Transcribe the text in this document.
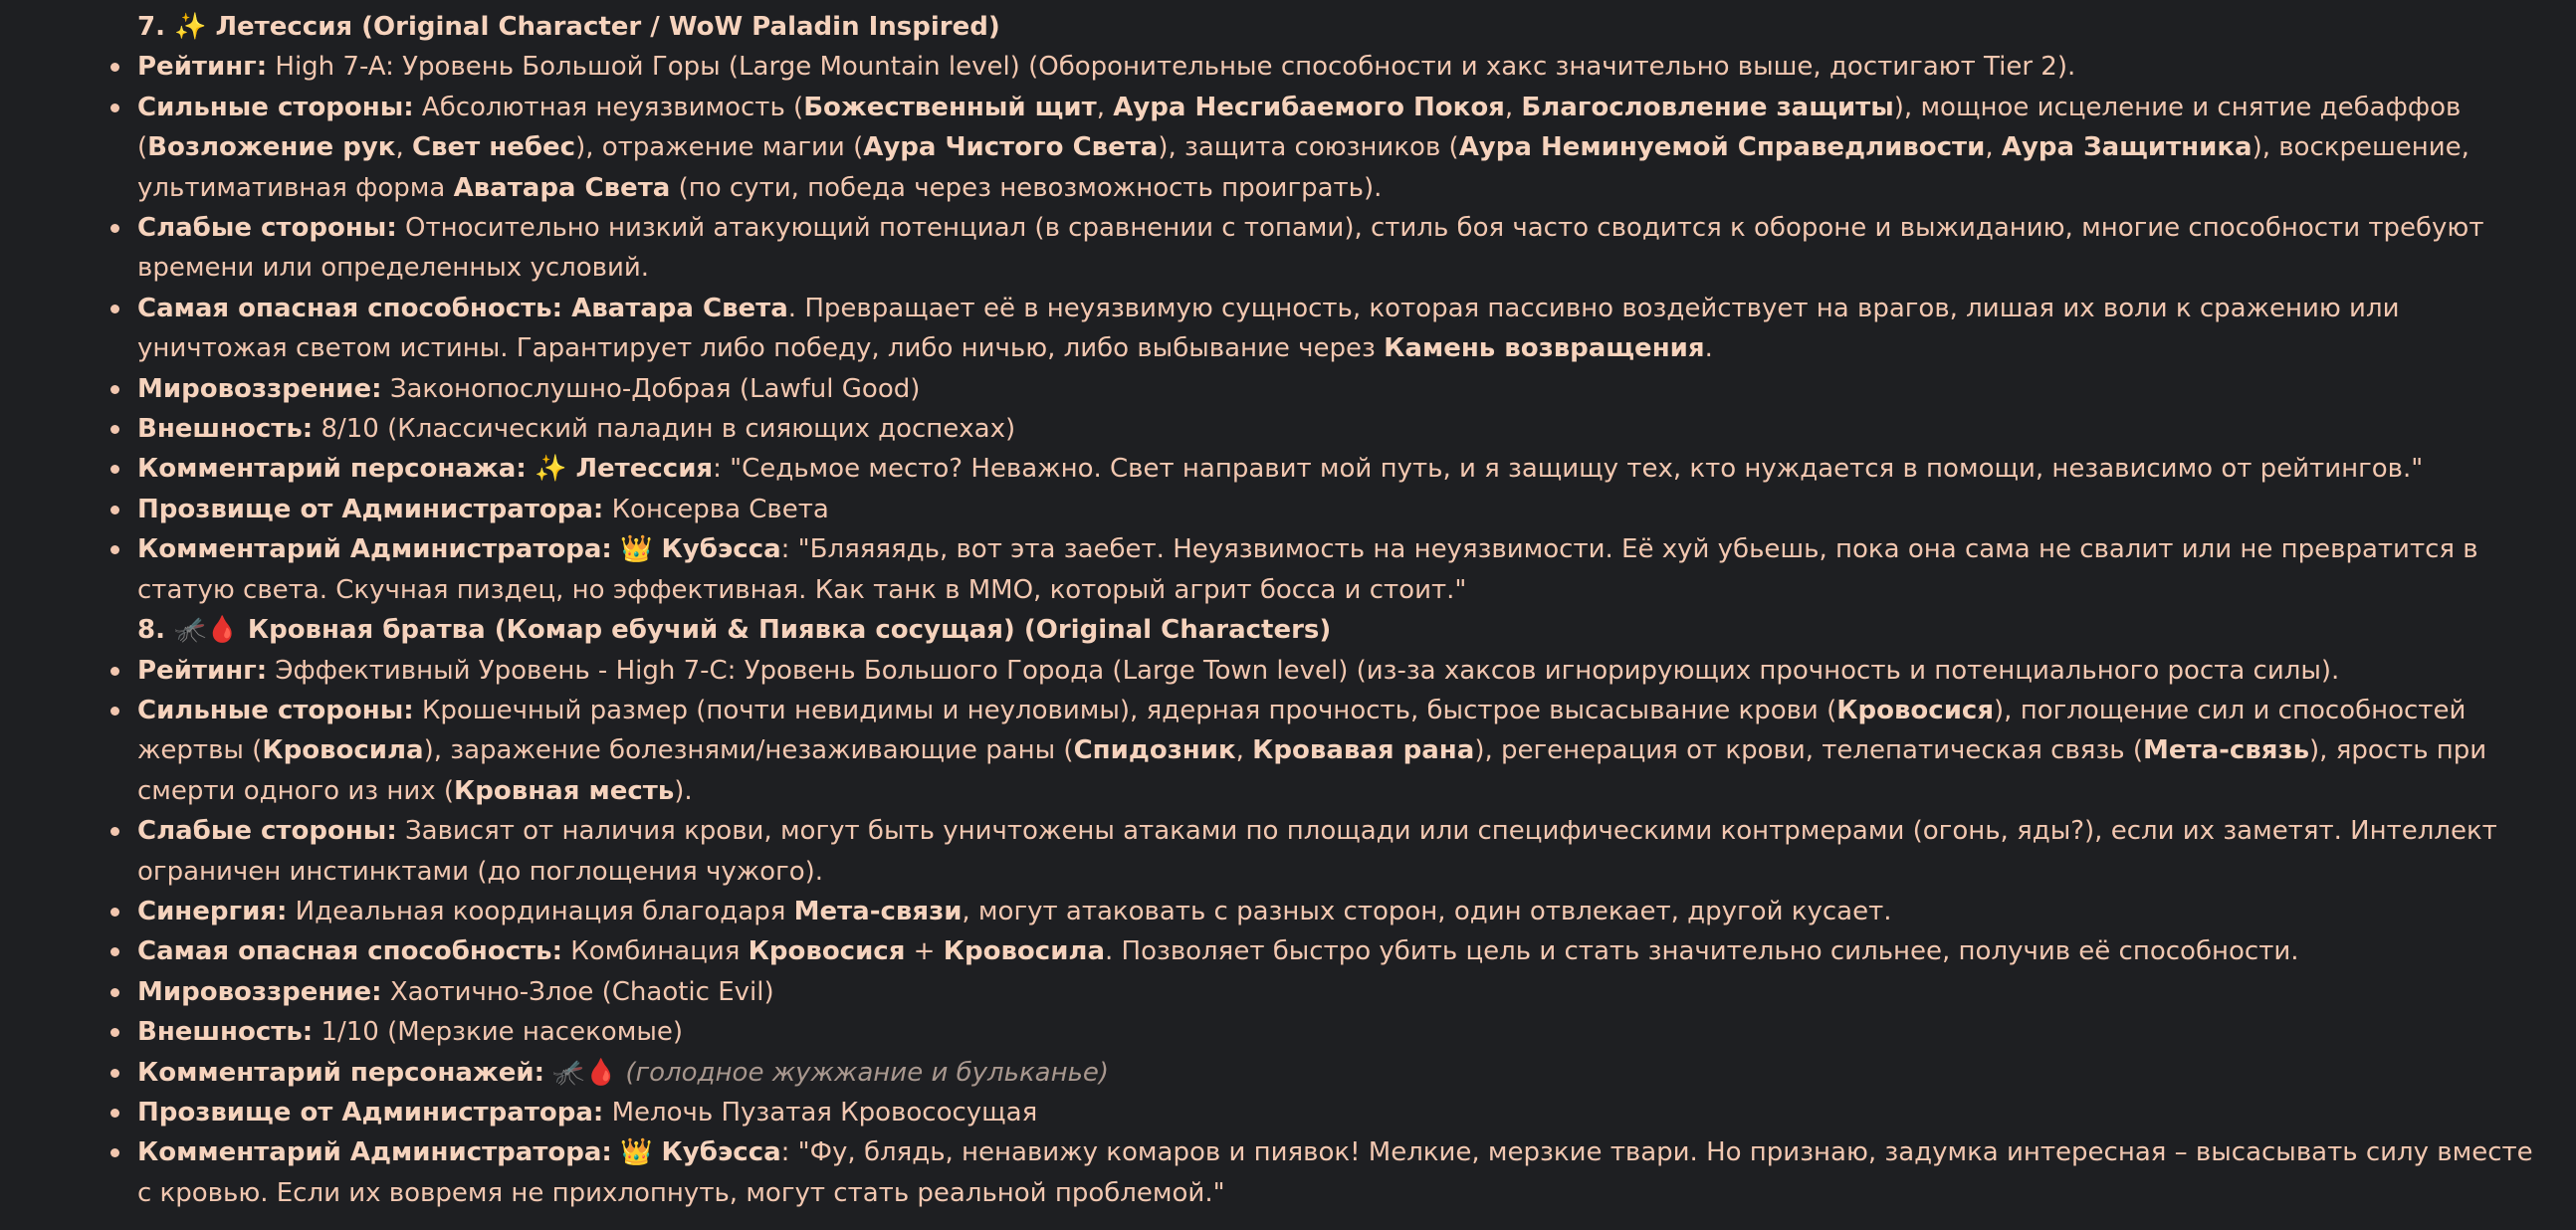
7. ✨ Летессия (Original Character / WoW Paladin Inspired)
Рейтинг: High 7-A: Уровень Большой Горы (Large Mountain level) (Оборонительные способности и хакс значительно выше, достигают Tier 2).
Сильные стороны: Абсолютная неуязвимость (Божественный щит, Аура Несгибаемого Покоя, Благословление защиты), мощное исцеление и снятие дебаффов (Возложение рук, Свет небес), отражение магии (Аура Чистого Света), защита союзников (Аура Неминуемой Справедливости, Аура Защитника), воскрешение, ультимативная форма Аватара Света (по сути, победа через невозможность проиграть).
Слабые стороны: Относительно низкий атакующий потенциал (в сравнении с топами), стиль боя часто сводится к обороне и выжиданию, многие способности требуют времени или определенных условий.
Самая опасная способность: Аватара Света. Превращает её в неуязвимую сущность, которая пассивно воздействует на врагов, лишая их воли к сражению или уничтожая светом истины. Гарантирует либо победу, либо ничью, либо выбывание через Камень возвращения.
Мировоззрение: Законопослушно-Добрая (Lawful Good)
Внешность: 8/10 (Классический паладин в сияющих доспехах)
Комментарий персонажа: ✨ Летессия: "Седьмое место? Неважно. Свет направит мой путь, и я защищу тех, кто нуждается в помощи, независимо от рейтингов."
Прозвище от Администратора: Консерва Света
Комментарий Администратора: 👑 Кубэсса: "Бляяяядь, вот эта заебет. Неуязвимость на неуязвимости. Её хуй убьешь, пока она сама не свалит или не превратится в статую света. Скучная пиздец, но эффективная. Как танк в ММО, который агрит босса и стоит."
8. 🦟🩸 Кровная братва (Комар ебучий & Пиявка сосущая) (Original Characters)
Рейтинг: Эффективный Уровень - High 7-C: Уровень Большого Города (Large Town level) (из-за хаксов игнорирующих прочность и потенциального роста силы).
Сильные стороны: Крошечный размер (почти невидимы и неуловимы), ядерная прочность, быстрое высасывание крови (Кровосися), поглощение сил и способностей жертвы (Кровосила), заражение болезнями/незаживающие раны (Спидозник, Кровавая рана), регенерация от крови, телепатическая связь (Мета-связь), ярость при смерти одного из них (Кровная месть).
Слабые стороны: Зависят от наличия крови, могут быть уничтожены атаками по площади или специфическими контрмерами (огонь, яды?), если их заметят. Интеллект ограничен инстинктами (до поглощения чужого).
Синергия: Идеальная координация благодаря Мета-связи, могут атаковать с разных сторон, один отвлекает, другой кусает.
Самая опасная способность: Комбинация Кровосися + Кровосила. Позволяет быстро убить цель и стать значительно сильнее, получив её способности.
Мировоззрение: Хаотично-Злое (Chaotic Evil)
Внешность: 1/10 (Мерзкие насекомые)
Комментарий персонажей: 🦟🩸 (голодное жужжание и бульканье)
Прозвище от Администратора: Мелочь Пузатая Кровососущая
Комментарий Администратора: 👑 Кубэсса: "Фу, блядь, ненавижу комаров и пиявок! Мелкие, мерзкие твари. Но признаю, задумка интересная – высасывать силу вместе с кровью. Если их вовремя не прихлопнуть, могут стать реальной проблемой."
